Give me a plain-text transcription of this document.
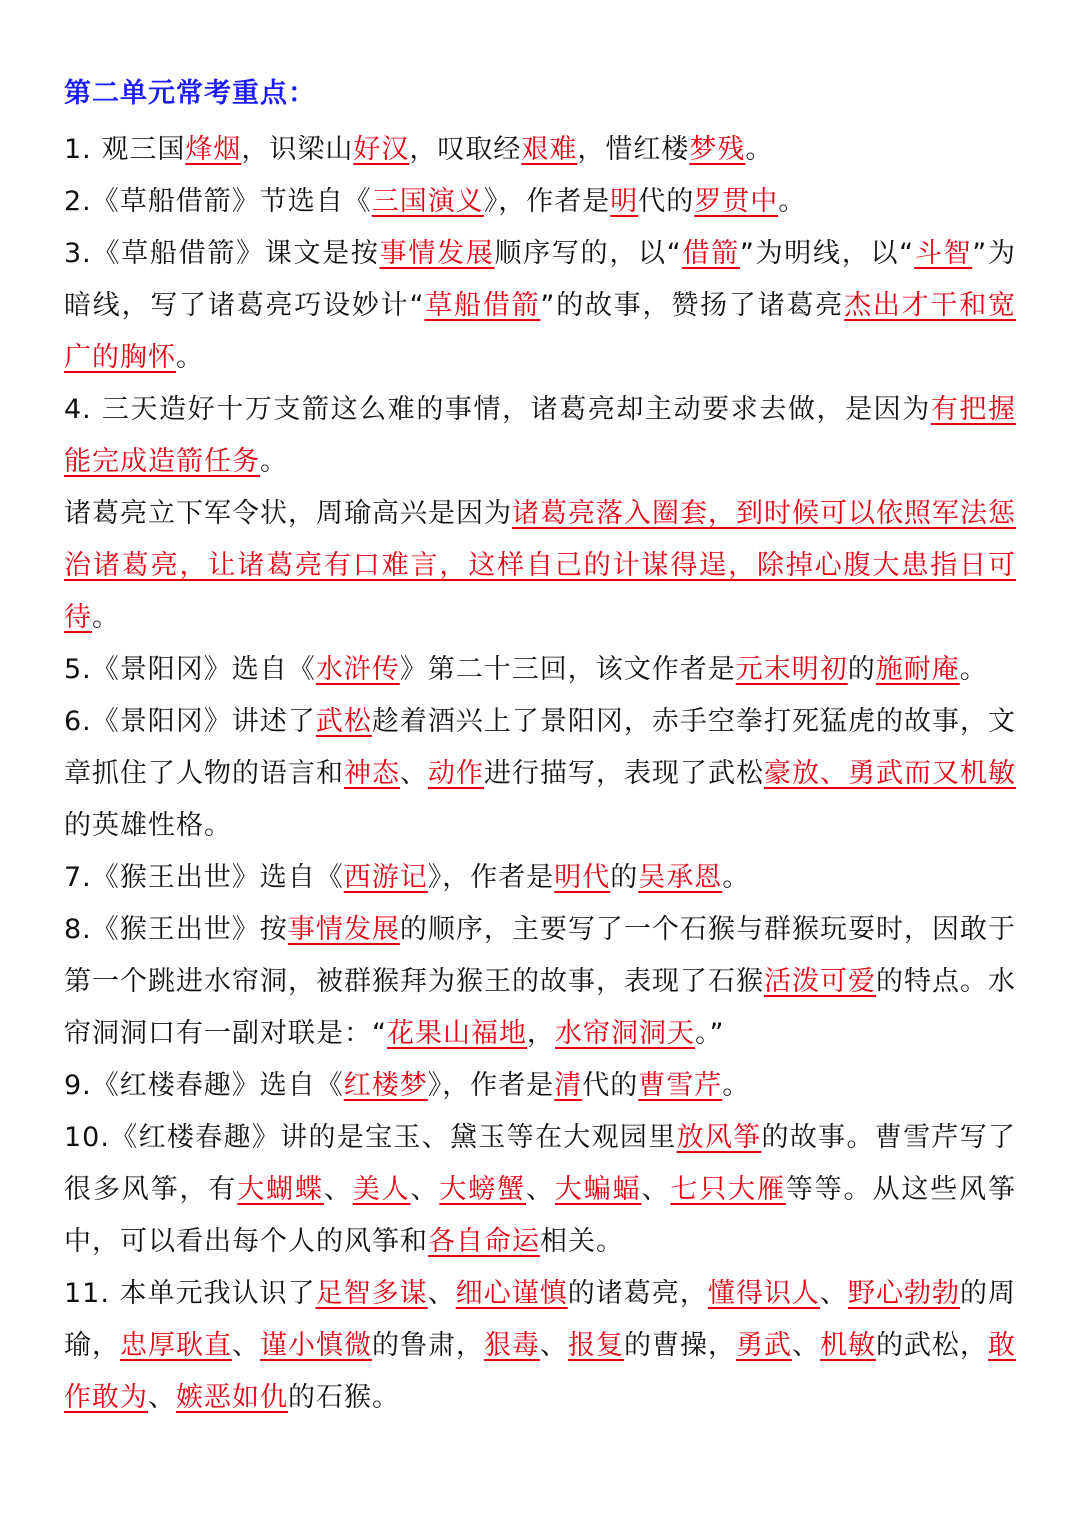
第二单元常考重点：

1. 观三国烽烟，识梁山好汉，叹取经艰难，惜红楼梦残。

2.《草船借箭》节选自《三国演义》，作者是明代的罗贯中。

3.《草船借箭》课文是按事情发展顺序写的，以“借箭”为明线，以“斗智”为暗线，写了诸葛亮巧设妙计“草船借箭”的故事，赞扬了诸葛亮杰出才干和宽广的胸怀。

4. 三天造好十万支箭这么难的事情，诸葛亮却主动要求去做，是因为有把握能完成造箭任务。

诸葛亮立下军令状，周瑜高兴是因为诸葛亮落入圈套，到时候可以依照军法惩治诸葛亮，让诸葛亮有口难言，这样自己的计谋得逞，除掉心腹大患指日可待。

5.《景阳冈》选自《水浒传》第二十三回，该文作者是元末明初的施耐庵。

6.《景阳冈》讲述了武松趁着酒兴上了景阳冈，赤手空拳打死猛虎的故事，文章抓住了人物的语言和神态、动作进行描写，表现了武松豪放、勇武而又机敏的英雄性格。

7.《猴王出世》选自《西游记》，作者是明代的吴承恩。

8.《猴王出世》按事情发展的顺序，主要写了一个石猴与群猴玩耍时，因敢于第一个跳进水帘洞，被群猴拜为猴王的故事，表现了石猴活泼可爱的特点。水帘洞洞口有一副对联是：“花果山福地，水帘洞洞天。”

9.《红楼春趣》选自《红楼梦》，作者是清代的曹雪芹。

10.《红楼春趣》讲的是宝玉、黛玉等在大观园里放风筝的故事。曹雪芹写了很多风筝，有大蝴蝶、美人、大螃蟹、大蝙蝠、七只大雁等等。从这些风筝中，可以看出每个人的风筝和各自命运相关。

11. 本单元我认识了足智多谋、细心谨慎的诸葛亮，懂得识人、野心勃勃的周瑜，忠厚耿直、谨小慎微的鲁肃，狠毒、报复的曹操，勇武、机敏的武松，敢作敢为、嫉恶如仇的石猴。
